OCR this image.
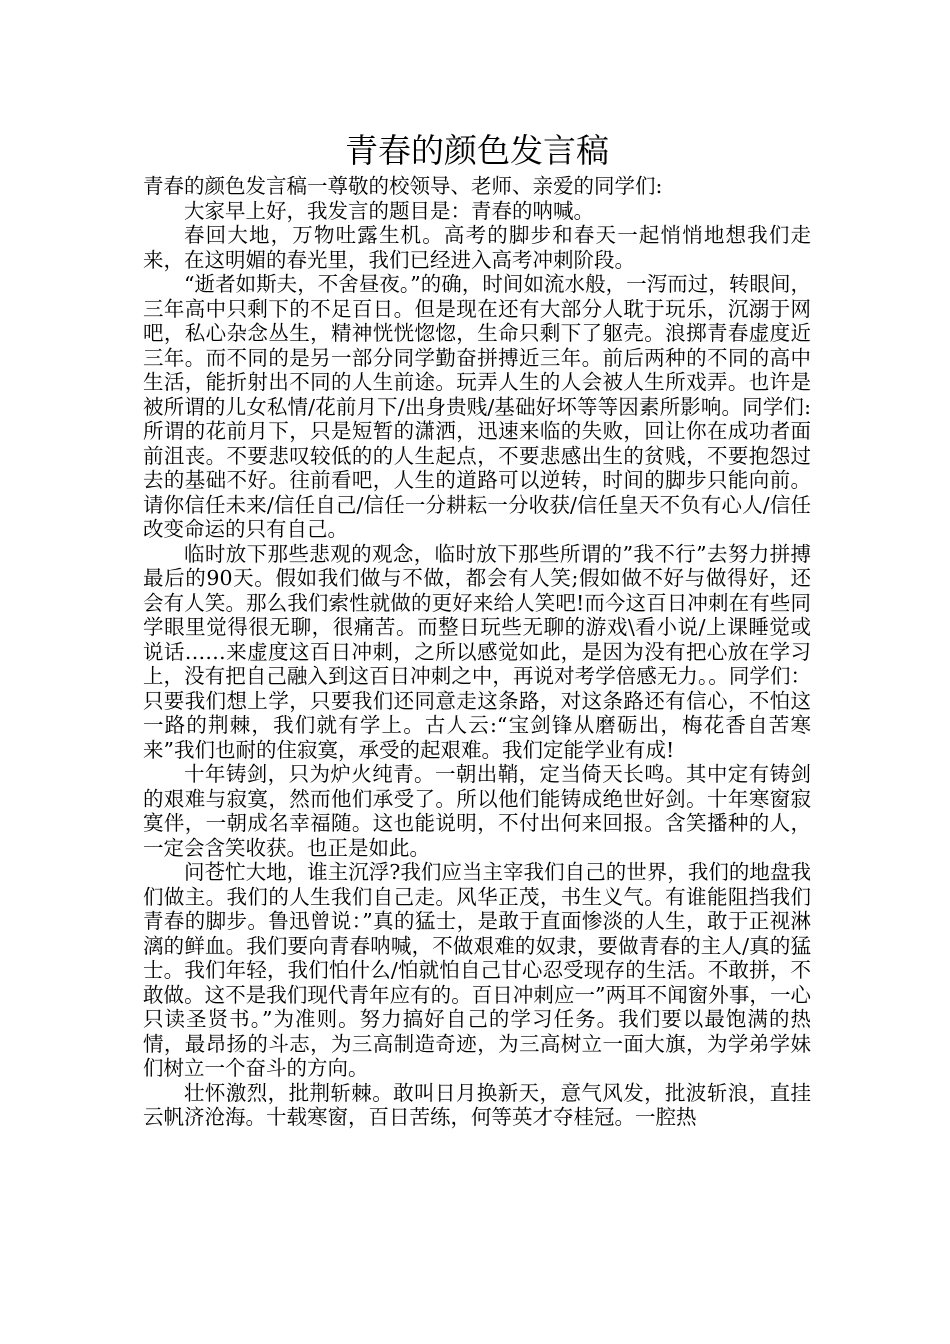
青春的颜色发言稿

青春的颜色发言稿一尊敬的校领导、老师、亲爱的同学们:

大家早上好，我发言的题目是：青春的呐喊。

春回大地，万物吐露生机。高考的脚步和春天一起悄悄地想我们走来，在这明媚的春光里，我们已经进入高考冲刺阶段。

“逝者如斯夫，不舍昼夜。”的确，时间如流水般，一泻而过，转眼间，三年高中只剩下的不足百日。但是现在还有大部分人耽于玩乐，沉溺于网吧，私心杂念丛生，精神恍恍惚惚，生命只剩下了躯壳。浪掷青春虚度近三年。而不同的是另一部分同学勤奋拼搏近三年。前后两种的不同的高中生活，能折射出不同的人生前途。玩弄人生的人会被人生所戏弄。也许是被所谓的儿女私情/花前月下/出身贵贱/基础好坏等等因素所影响。同学们:所谓的花前月下，只是短暂的潇洒，迅速来临的失败，回让你在成功者面前沮丧。不要悲叹较低的的人生起点，不要悲感出生的贫贱，不要抱怨过去的基础不好。往前看吧，人生的道路可以逆转，时间的脚步只能向前。请你信任未来/信任自己/信任一分耕耘一分收获/信任皇天不负有心人/信任改变命运的只有自己。

临时放下那些悲观的观念，临时放下那些所谓的”我不行”去努力拼搏最后的90天。假如我们做与不做，都会有人笑;假如做不好与做得好，还会有人笑。那么我们索性就做的更好来给人笑吧!而今这百日冲刺在有些同学眼里觉得很无聊，很痛苦。而整日玩些无聊的游戏\看小说/上课睡觉或说话……来虚度这百日冲刺，之所以感觉如此，是因为没有把心放在学习上，没有把自己融入到这百日冲刺之中，再说对考学倍感无力。。同学们：只要我们想上学，只要我们还同意走这条路，对这条路还有信心，不怕这一路的荆棘，我们就有学上。古人云:“宝剑锋从磨砺出，梅花香自苦寒来”我们也耐的住寂寞，承受的起艰难。我们定能学业有成!

十年铸剑，只为炉火纯青。一朝出鞘，定当倚天长鸣。其中定有铸剑的艰难与寂寞，然而他们承受了。所以他们能铸成绝世好剑。十年寒窗寂寞伴，一朝成名幸福随。这也能说明，不付出何来回报。含笑播种的人，一定会含笑收获。也正是如此。

问苍忙大地，谁主沉浮?我们应当主宰我们自己的世界，我们的地盘我们做主。我们的人生我们自己走。风华正茂，书生义气。有谁能阻挡我们青春的脚步。鲁迅曾说：”真的猛士，是敢于直面惨淡的人生，敢于正视淋漓的鲜血。我们要向青春呐喊，不做艰难的奴隶，要做青春的主人/真的猛士。我们年轻，我们怕什么/怕就怕自己甘心忍受现存的生活。不敢拼，不敢做。这不是我们现代青年应有的。百日冲刺应一”两耳不闻窗外事，一心只读圣贤书。”为准则。努力搞好自己的学习任务。我们要以最饱满的热情，最昂扬的斗志，为三高制造奇迹，为三高树立一面大旗，为学弟学妹们树立一个奋斗的方向。

壮怀激烈，批荆斩棘。敢叫日月换新天，意气风发，批波斩浪，直挂云帆济沧海。十载寒窗，百日苦练，何等英才夺桂冠。一腔热
